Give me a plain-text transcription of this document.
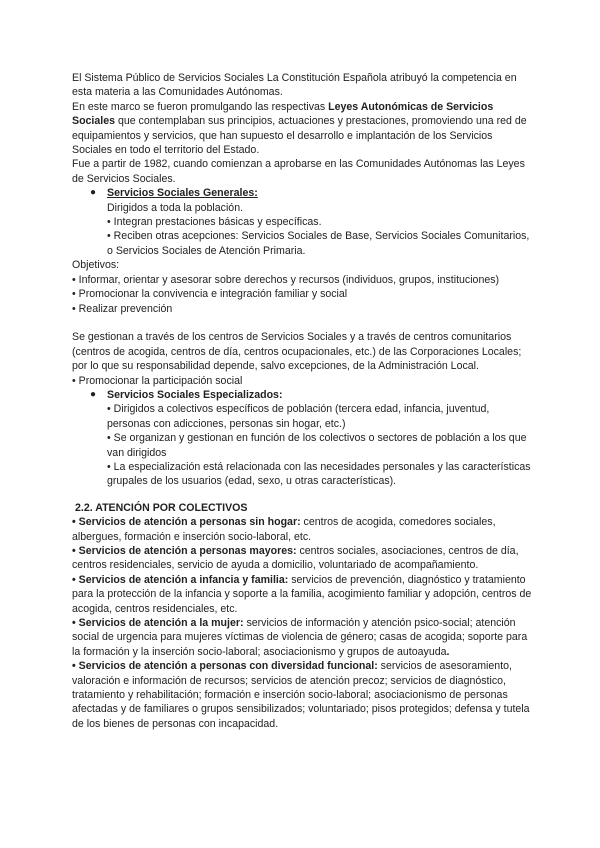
El Sistema Público de Servicios Sociales La Constitución Española atribuyó la competencia en esta materia a las Comunidades Autónomas.

En este marco se fueron promulgando las respectivas Leyes Autonómicas de Servicios Sociales que contemplaban sus principios, actuaciones y prestaciones, promoviendo una red de equipamientos y servicios, que han supuesto el desarrollo e implantación de los Servicios Sociales en todo el territorio del Estado.

Fue a partir de 1982, cuando comienzan a aprobarse en las Comunidades Autónomas las Leyes de Servicios Sociales.

● Servicios Sociales Generales:

Dirigidos a toda la población.

• Integran prestaciones básicas y específicas.

• Reciben otras acepciones: Servicios Sociales de Base, Servicios Sociales Comunitarios, o Servicios Sociales de Atención Primaria.

Objetivos:

• Informar, orientar y asesorar sobre derechos y recursos (individuos, grupos, instituciones)

• Promocionar la convivencia e integración familiar y social

• Realizar prevención

Se gestionan a través de los centros de Servicios Sociales y a través de centros comunitarios (centros de acogida, centros de día, centros ocupacionales, etc.) de las Corporaciones Locales; por lo que su responsabilidad depende, salvo excepciones, de la Administración Local.

• Promocionar la participación social

● Servicios Sociales Especializados:

• Dirigidos a colectivos específicos de población (tercera edad, infancia, juventud, personas con adicciones, personas sin hogar, etc.)

• Se organizan y gestionan en función de los colectivos o sectores de población a los que van dirigidos

• La especialización está relacionada con las necesidades personales y las características grupales de los usuarios (edad, sexo, u otras características).

2.2. ATENCIÓN POR COLECTIVOS

• Servicios de atención a personas sin hogar: centros de acogida, comedores sociales, albergues, formación e inserción socio-laboral, etc.

• Servicios de atención a personas mayores: centros sociales, asociaciones, centros de día, centros residenciales, servicio de ayuda a domicilio, voluntariado de acompañamiento.

• Servicios de atención a infancia y familia: servicios de prevención, diagnóstico y tratamiento para la protección de la infancia y soporte a la familia, acogimiento familiar y adopción, centros de acogida, centros residenciales, etc.

• Servicios de atención a la mujer: servicios de información y atención psico-social; atención social de urgencia para mujeres víctimas de violencia de género; casas de acogida; soporte para la formación y la inserción socio-laboral; asociacionismo y grupos de autoayuda.

• Servicios de atención a personas con diversidad funcional: servicios de asesoramiento, valoración e información de recursos; servicios de atención precoz; servicios de diagnóstico, tratamiento y rehabilitación; formación e inserción socio-laboral; asociacionismo de personas afectadas y de familiares o grupos sensibilizados; voluntariado; pisos protegidos; defensa y tutela de los bienes de personas con incapacidad.
